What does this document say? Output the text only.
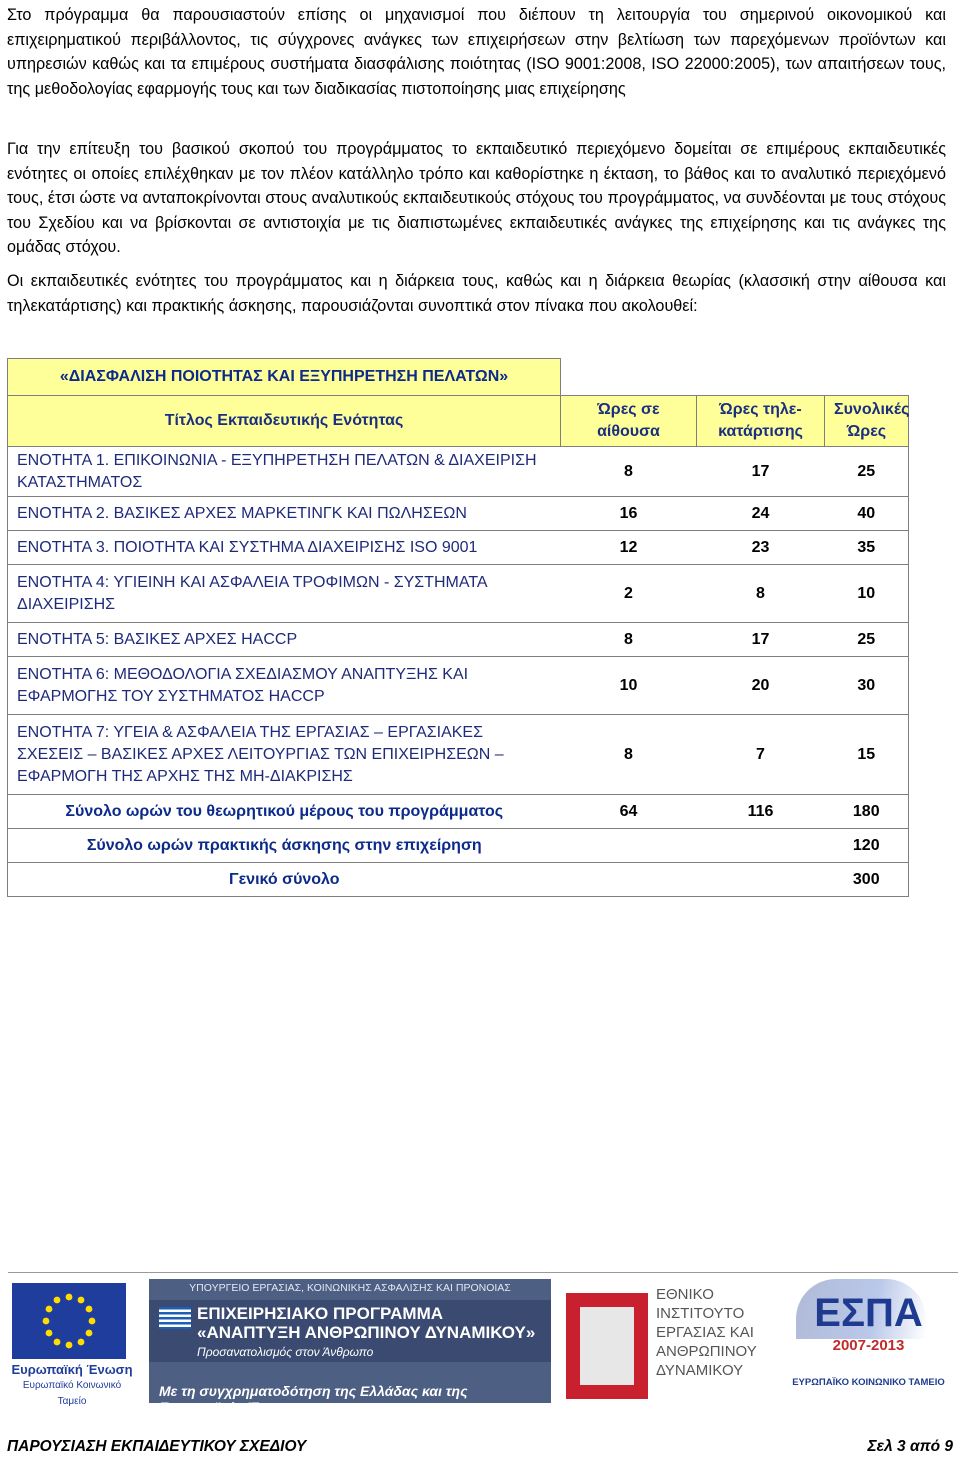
Στο πρόγραμμα θα παρουσιαστούν επίσης οι μηχανισμοί που διέπουν τη λειτουργία του σημερινού οικονομικού και επιχειρηματικού περιβάλλοντος, τις σύγχρονες ανάγκες των επιχειρήσεων στην βελτίωση των παρεχόμενων προϊόντων και υπηρεσιών καθώς και τα επιμέρους συστήματα διασφάλισης ποιότητας (ISO 9001:2008, ISO 22000:2005), των απαιτήσεων τους, της μεθοδολογίας εφαρμογής τους και των διαδικασίας πιστοποίησης μιας επιχείρησης
Για την επίτευξη του βασικού σκοπού του προγράμματος το εκπαιδευτικό περιεχόμενο δομείται σε επιμέρους εκπαιδευτικές ενότητες οι οποίες επιλέχθηκαν με τον πλέον κατάλληλο τρόπο και καθορίστηκε η έκταση, το βάθος και το αναλυτικό περιεχόμενό τους, έτσι ώστε να ανταποκρίνονται στους αναλυτικούς εκπαιδευτικούς στόχους του προγράμματος, να συνδέονται με τους στόχους του Σχεδίου και να βρίσκονται σε αντιστοιχία με τις διαπιστωμένες εκπαιδευτικές ανάγκες της επιχείρησης και τις ανάγκες της ομάδας στόχου.
Οι εκπαιδευτικές ενότητες του προγράμματος και η διάρκεια τους, καθώς και η διάρκεια θεωρίας (κλασσική στην αίθουσα και τηλεκατάρτισης) και πρακτικής άσκησης, παρουσιάζονται συνοπτικά στον πίνακα που ακολουθεί:
«ΔΙΑΣΦΑΛΙΣΗ ΠΟΙΟΤΗΤΑΣ ΚΑΙ ΕΞΥΠΗΡΕΤΗΣΗ ΠΕΛΑΤΩΝ»			
Τίτλος Εκπαιδευτικής Ενότητας	Ώρες σε αίθουσα	Ώρες τηλε-κατάρτισης	Συνολικές Ώρες
ΕΝΟΤΗΤΑ 1. ΕΠΙΚΟΙΝΩΝΙΑ - ΕΞΥΠΗΡΕΤΗΣΗ ΠΕΛΑΤΩΝ & ΔΙΑΧΕΙΡΙΣΗ ΚΑΤΑΣΤΗΜΑΤΟΣ	8	17	25
ΕΝΟΤΗΤΑ 2. ΒΑΣΙΚΕΣ ΑΡΧΕΣ ΜΑΡΚΕΤΙΝΓΚ ΚΑΙ ΠΩΛΗΣΕΩΝ	16	24	40
ΕΝΟΤΗΤΑ 3. ΠΟΙΟΤΗΤΑ ΚΑΙ ΣΥΣΤΗΜΑ ΔΙΑΧΕΙΡΙΣΗΣ ISO 9001	12	23	35
ΕΝΟΤΗΤΑ 4: ΥΓΙΕΙΝΗ ΚΑΙ ΑΣΦΑΛΕΙΑ ΤΡΟΦΙΜΩΝ - ΣΥΣΤΗΜΑΤΑ ΔΙΑΧΕΙΡΙΣΗΣ	2	8	10
ΕΝΟΤΗΤΑ 5: ΒΑΣΙΚΕΣ ΑΡΧΕΣ HACCP	8	17	25
ΕΝΟΤΗΤΑ 6: ΜΕΘΟΔΟΛΟΓΙΑ ΣΧΕΔΙΑΣΜΟΥ ΑΝΑΠΤΥΞΗΣ ΚΑΙ ΕΦΑΡΜΟΓΗΣ ΤΟΥ ΣΥΣΤΗΜΑΤΟΣ HACCP	10	20	30
ΕΝΟΤΗΤΑ 7: ΥΓΕΙΑ & ΑΣΦΑΛΕΙΑ ΤΗΣ ΕΡΓΑΣΙΑΣ – ΕΡΓΑΣΙΑΚΕΣ ΣΧΕΣΕΙΣ – ΒΑΣΙΚΕΣ ΑΡΧΕΣ ΛΕΙΤΟΥΡΓΙΑΣ ΤΩΝ ΕΠΙΧΕΙΡΗΣΕΩΝ – ΕΦΑΡΜΟΓΗ ΤΗΣ ΑΡΧΗΣ ΤΗΣ ΜΗ-ΔΙΑΚΡΙΣΗΣ	8	7	15
Σύνολο ωρών του θεωρητικού μέρους του προγράμματος	64	116	180
Σύνολο ωρών πρακτικής άσκησης στην επιχείρηση			120
Γενικό σύνολο			300
Ευρωπαϊκή Ένωση
Ευρωπαϊκό Κοινωνικό Ταμείο
ΥΠΟΥΡΓΕΙΟ ΕΡΓΑΣΙΑΣ, ΚΟΙΝΩΝΙΚΗΣ ΑΣΦΑΛΙΣΗΣ ΚΑΙ ΠΡΟΝΟΙΑΣ
ΕΠΙΧΕΙΡΗΣΙΑΚΟ ΠΡΟΓΡΑΜΜΑ «ΑΝΑΠΤΥΞΗ ΑΝΘΡΩΠΙΝΟΥ ΔΥΝΑΜΙΚΟΥ»
Προσανατολισμός στον Άνθρωπο
Με τη συγχρηματοδότηση της Ελλάδας και της Ευρωπαϊκής Ένωσης
ΕΘΝΙΚΟ ΙΝΣΤΙΤΟΥΤΟ ΕΡΓΑΣΙΑΣ ΚΑΙ ΑΝΘΡΩΠΙΝΟΥ ΔΥΝΑΜΙΚΟΥ
ΕΣΠΑ
2007-2013
ΕΥΡΩΠΑΪΚΟ ΚΟΙΝΩΝΙΚΟ ΤΑΜΕΙΟ
ΠΑΡΟΥΣΙΑΣΗ ΕΚΠΑΙΔΕΥΤΙΚΟΥ ΣΧΕΔΙΟΥ	Σελ 3 από 9
